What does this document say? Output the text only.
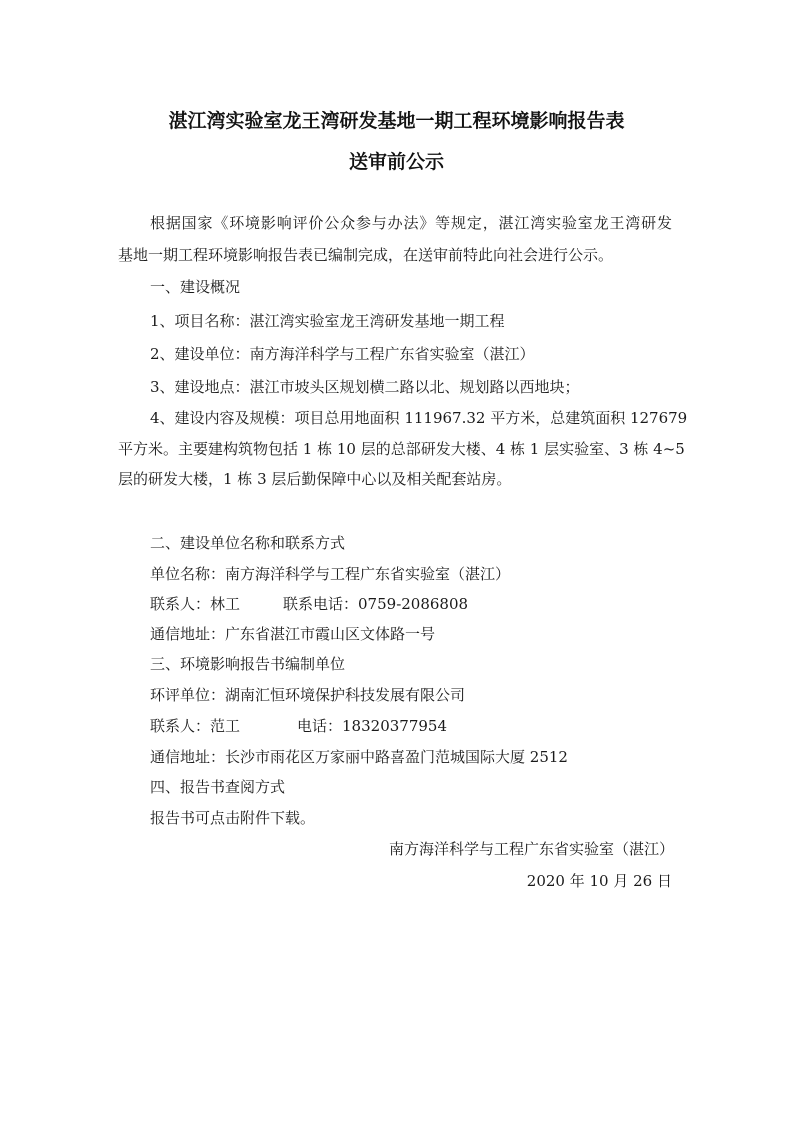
湛江湾实验室龙王湾研发基地一期工程环境影响报告表
送审前公示
根据国家《环境影响评价公众参与办法》等规定，湛江湾实验室龙王湾研发
基地一期工程环境影响报告表已编制完成，在送审前特此向社会进行公示。
一、建设概况
1、项目名称：湛江湾实验室龙王湾研发基地一期工程
2、建设单位：南方海洋科学与工程广东省实验室（湛江）
3、建设地点：湛江市坡头区规划横二路以北、规划路以西地块；
4、建设内容及规模：项目总用地面积 111967.32 平方米，总建筑面积 127679
平方米。主要建构筑物包括 1 栋 10 层的总部研发大楼、4 栋 1 层实验室、3 栋 4~5
层的研发大楼，1 栋 3 层后勤保障中心以及相关配套站房。
二、建设单位名称和联系方式
单位名称：南方海洋科学与工程广东省实验室（湛江）
联系人：林工	联系电话：0759-2086808
通信地址：广东省湛江市霞山区文体路一号
三、环境影响报告书编制单位
环评单位：湖南汇恒环境保护科技发展有限公司
联系人：范工	电话：18320377954
通信地址：长沙市雨花区万家丽中路喜盈门范城国际大厦 2512
四、报告书查阅方式
报告书可点击附件下载。
南方海洋科学与工程广东省实验室（湛江）
2020 年 10 月 26 日
